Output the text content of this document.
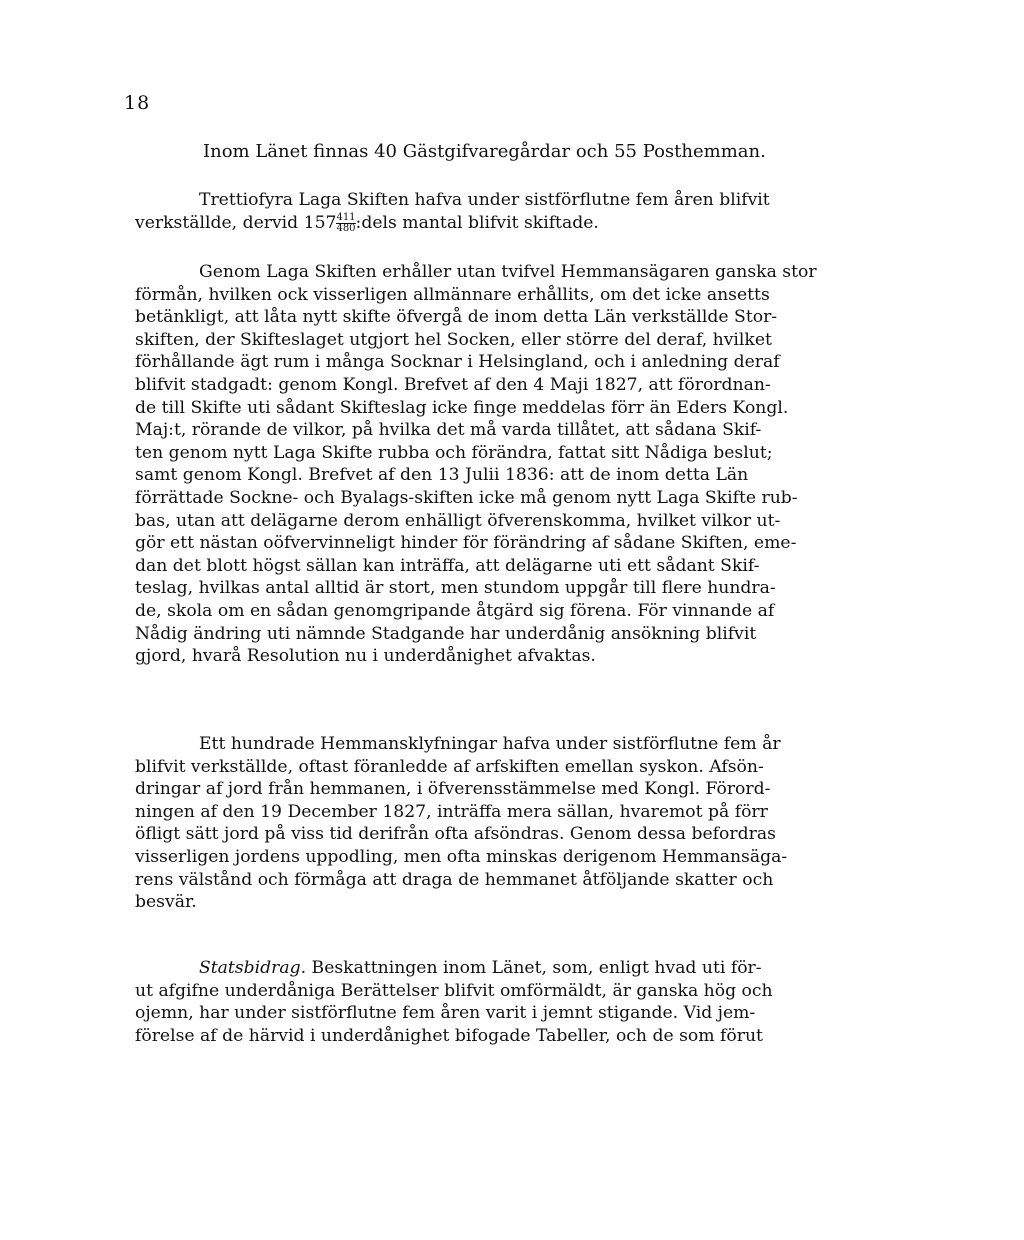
18
Inom Länet finnas 40 Gästgifvaregårdar och 55 Posthemman.
Trettiofyra Laga Skiften hafva under sistförflutne fem åren blifvit
verkställde, dervid $157 \frac{411}{480}$ :dels mantal blifvit skiftade.
Genom Laga Skiften erhåller utan tvifvel Hemmansägaren ganska stor
förmån, hvilken ock visserligen allmännare erhållits, om det icke ansetts
betänkligt, att låta nytt skifte öfvergå de inom detta Län verkställde Stor-
skiften, der Skifteslaget utgjort hel Socken, eller större del deraf, hvilket
förhållande ägt rum i många Socknar i Helsingland, och i anledning deraf
blifvit stadgadt: genom Kongl. Brefvet af den 4 Maji 1827, att förordnan-
de till Skifte uti sådant Skifteslag icke finge meddelas förr än Eders Kongl.
Maj:t, rörande de vilkor, på hvilka det må varda tillåtet, att sådana Skif-
ten genom nytt Laga Skifte rubba och förändra, fattat sitt Nådiga beslut;
samt genom Kongl. Brefvet af den 13 Julii 1836: att de inom detta Län
förrättade Sockne- och Byalags-skiften icke må genom nytt Laga Skifte rub-
bas, utan att delägarne derom enhälligt öfverenskomma, hvilket vilkor ut-
gör ett nästan oöfvervinneligt hinder för förändring af sådane Skiften, eme-
dan det blott högst sällan kan inträffa, att delägarne uti ett sådant Skif-
teslag, hvilkas antal alltid är stort, men stundom uppgår till flere hundra-
de, skola om en sådan genomgripande åtgärd sig förena. För vinnande af
Nådig ändring uti nämnde Stadgande har underdånig ansökning blifvit
gjord, hvarå Resolution nu i underdånighet afvaktas.
Ett hundrade Hemmansklyfningar hafva under sistförflutne fem år
blifvit verkställde, oftast föranledde af arfskiften emellan syskon. Afsön-
dringar af jord från hemmanen, i öfverensstämmelse med Kongl. Förord-
ningen af den 19 December 1827, inträffa mera sällan, hvaremot på förr
öfligt sätt jord på viss tid derifrån ofta afsöndras. Genom dessa befordras
visserligen jordens uppodling, men ofta minskas derigenom Hemmansäga-
rens välstånd och förmåga att draga de hemmanet åtföljande skatter och
besvär.
Statsbidrag. Beskattningen inom Länet, som, enligt hvad uti för-
ut afgifne underdåniga Berättelser blifvit omförmäldt, är ganska hög och
ojemn, har under sistförflutne fem åren varit i jemnt stigande. Vid jem-
förelse af de härvid i underdånighet bifogade Tabeller, och de som förut
